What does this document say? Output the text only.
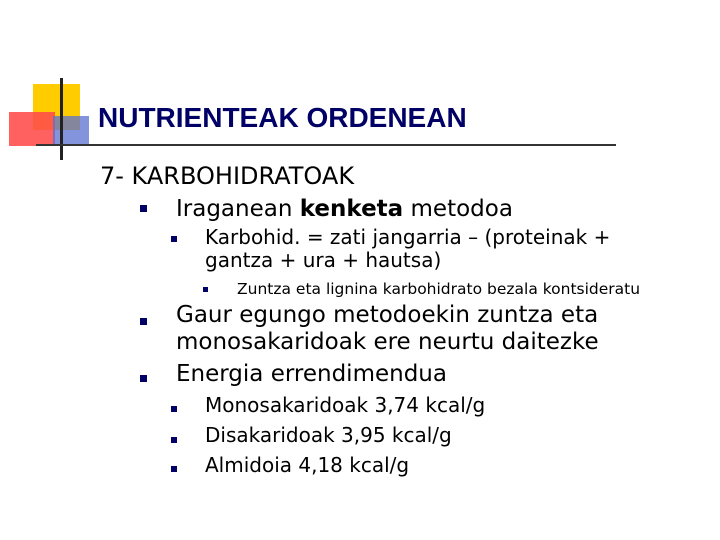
NUTRIENTEAK ORDENEAN
7- KARBOHIDRATOAK
Iraganean kenketa metodoa
Karbohid. = zati jangarria – (proteinak +
gantza + ura + hautsa)
Zuntza eta lignina karbohidrato bezala kontsideratu
Gaur egungo metodoekin zuntza eta
monosakaridoak ere neurtu daitezke
Energia errendimendua
Monosakaridoak 3,74 kcal/g
Disakaridoak 3,95 kcal/g
Almidoia 4,18 kcal/g
